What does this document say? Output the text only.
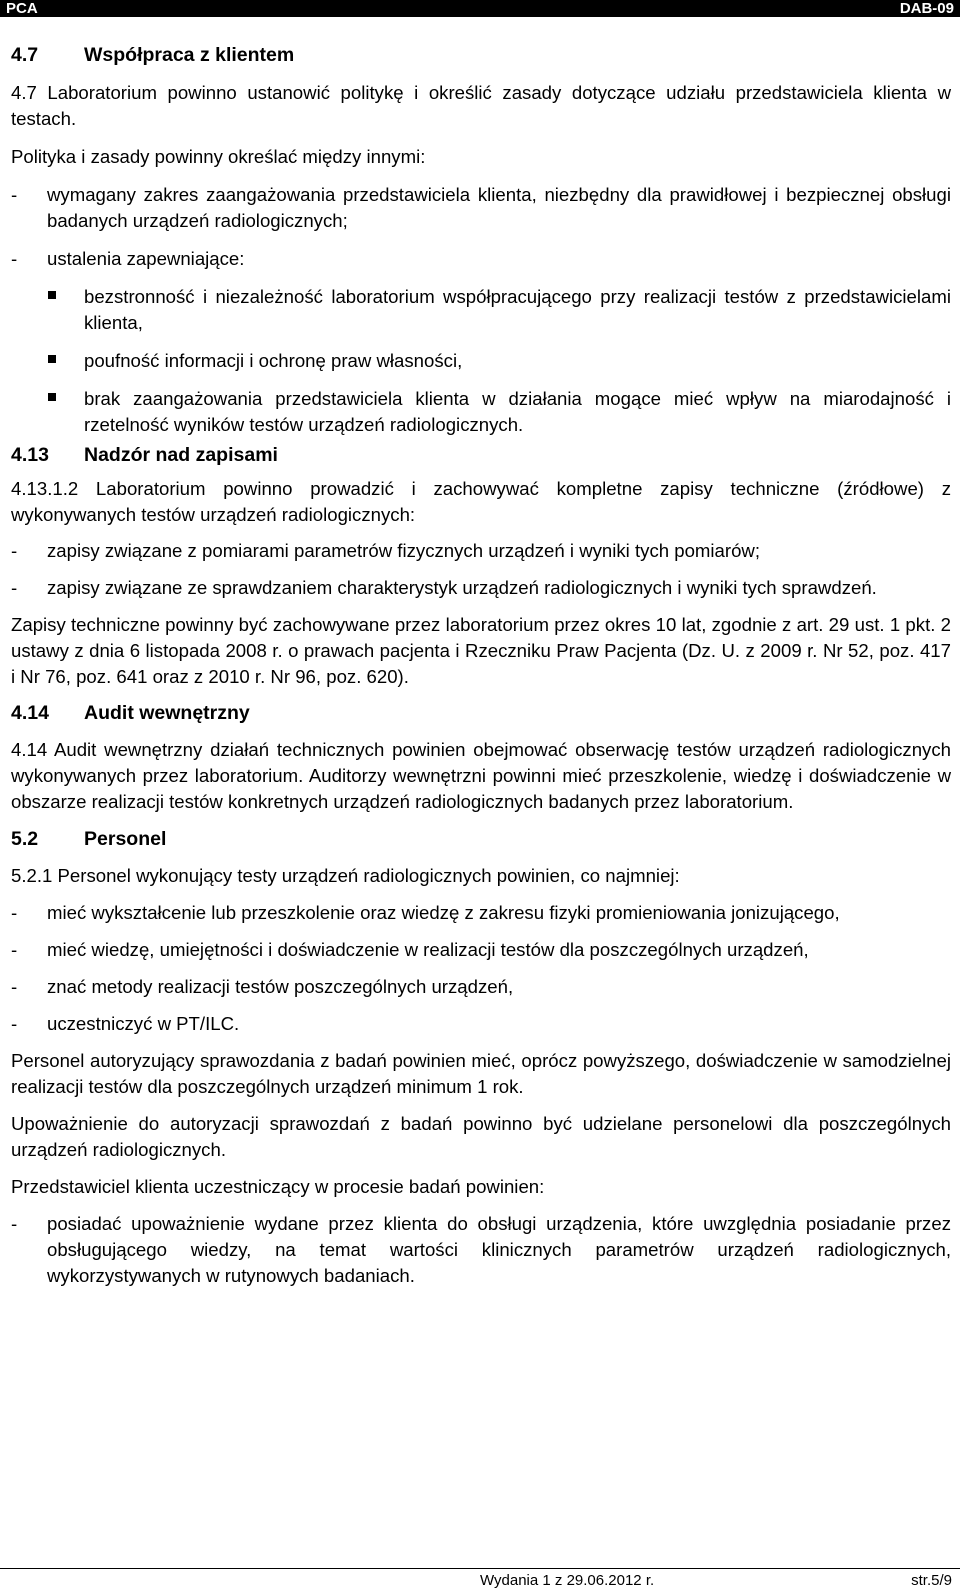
PCA	DAB-09
4.7 Współpraca z klientem

4.7 Laboratorium powinno ustanowić politykę i określić zasady dotyczące udziału przedstawiciela klienta w testach.

Polityka i zasady powinny określać między innymi:

- wymagany zakres zaangażowania przedstawiciela klienta, niezbędny dla prawidłowej i bezpiecznej obsługi badanych urządzeń radiologicznych;
- ustalenia zapewniające:
bezstronność i niezależność laboratorium współpracującego przy realizacji testów z przedstawicielami klienta,
poufność informacji i ochronę praw własności,
brak zaangażowania przedstawiciela klienta w działania mogące mieć wpływ na miarodajność i rzetelność wyników testów urządzeń radiologicznych.
4.13 Nadzór nad zapisami

4.13.1.2 Laboratorium powinno prowadzić i zachowywać kompletne zapisy techniczne (źródłowe) z wykonywanych testów urządzeń radiologicznych:

- zapisy związane z pomiarami parametrów fizycznych urządzeń i wyniki tych pomiarów;
- zapisy związane ze sprawdzaniem charakterystyk urządzeń radiologicznych i wyniki tych sprawdzeń.

Zapisy techniczne powinny być zachowywane przez laboratorium przez okres 10 lat, zgodnie z art. 29 ust. 1 pkt. 2 ustawy z dnia 6 listopada 2008 r. o prawach pacjenta i Rzeczniku Praw Pacjenta (Dz. U. z 2009 r. Nr 52, poz. 417 i Nr 76, poz. 641 oraz z 2010 r. Nr 96, poz. 620).

4.14 Audit wewnętrzny

4.14 Audit wewnętrzny działań technicznych powinien obejmować obserwację testów urządzeń radiologicznych wykonywanych przez laboratorium. Auditorzy wewnętrzni powinni mieć przeszkolenie, wiedzę i doświadczenie w obszarze realizacji testów konkretnych urządzeń radiologicznych badanych przez laboratorium.

5.2 Personel

5.2.1 Personel wykonujący testy urządzeń radiologicznych powinien, co najmniej:

- mieć wykształcenie lub przeszkolenie oraz wiedzę z zakresu fizyki promieniowania jonizującego,
- mieć wiedzę, umiejętności i doświadczenie w realizacji testów dla poszczególnych urządzeń,
- znać metody realizacji testów poszczególnych urządzeń,
- uczestniczyć w PT/ILC.

Personel autoryzujący sprawozdania z badań powinien mieć, oprócz powyższego, doświadczenie w samodzielnej realizacji testów dla poszczególnych urządzeń minimum 1 rok.

Upoważnienie do autoryzacji sprawozdań z badań powinno być udzielane personelowi dla poszczególnych urządzeń radiologicznych.

Przedstawiciel klienta uczestniczący w procesie badań powinien:

- posiadać upoważnienie wydane przez klienta do obsługi urządzenia, które uwzględnia posiadanie przez obsługującego wiedzy, na temat wartości klinicznych parametrów urządzeń radiologicznych, wykorzystywanych w rutynowych badaniach.
Wydania 1 z 29.06.2012 r.	str.5/9
